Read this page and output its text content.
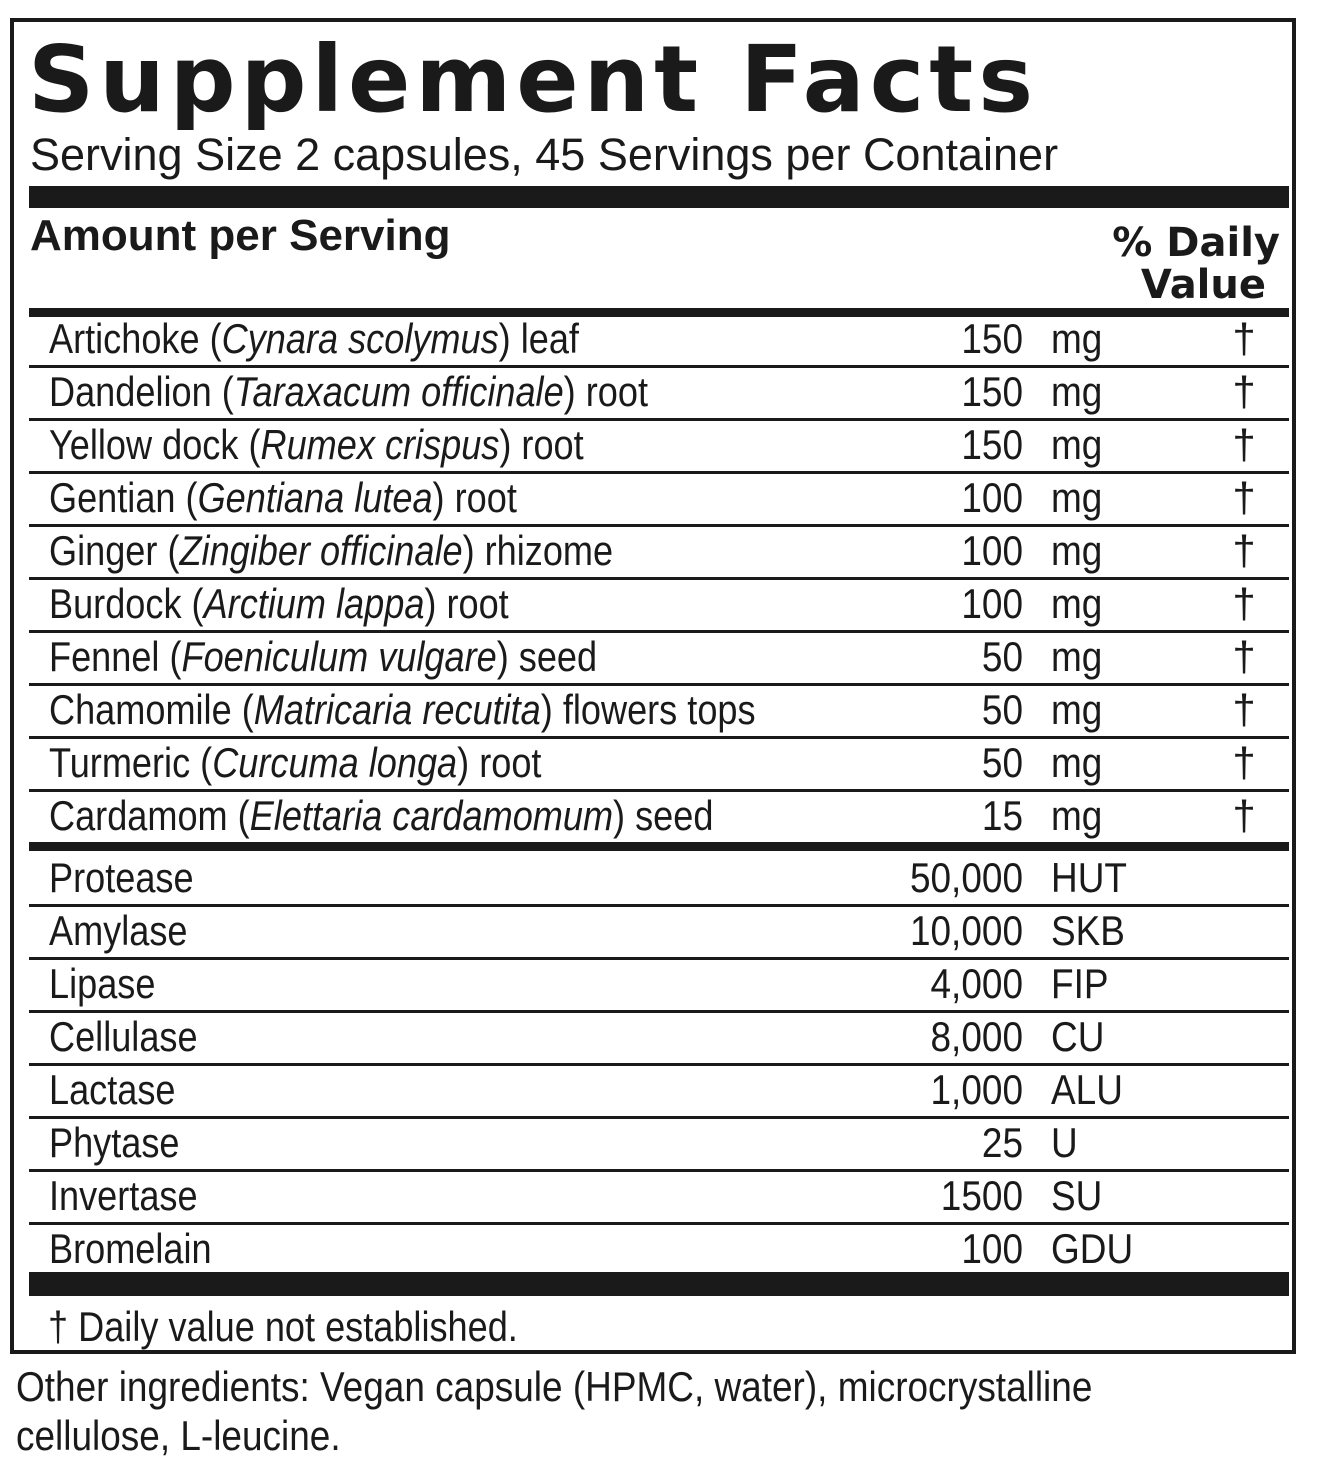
Supplement Facts
Serving Size 2 capsules, 45 Servings per Container
Amount per Serving	% Daily
Value
Artichoke (Cynara scolymus) leaf	150 mg	†
Dandelion (Taraxacum officinale) root	150 mg	†
Yellow dock (Rumex crispus) root	150 mg	†
Gentian (Gentiana lutea) root	100 mg	†
Ginger (Zingiber officinale) rhizome	100 mg	†
Burdock (Arctium lappa) root	100 mg	†
Fennel (Foeniculum vulgare) seed	50 mg	†
Chamomile (Matricaria recutita) flowers tops	50 mg	†
Turmeric (Curcuma longa) root	50 mg	†
Cardamom (Elettaria cardamomum) seed	15 mg	†
Protease	50,000 HUT
Amylase	10,000 SKB
Lipase	4,000 FIP
Cellulase	8,000 CU
Lactase	1,000 ALU
Phytase	25 U
Invertase	1500 SU
Bromelain	100 GDU
† Daily value not established.
Other ingredients: Vegan capsule (HPMC, water), microcrystalline cellulose, L-leucine.
